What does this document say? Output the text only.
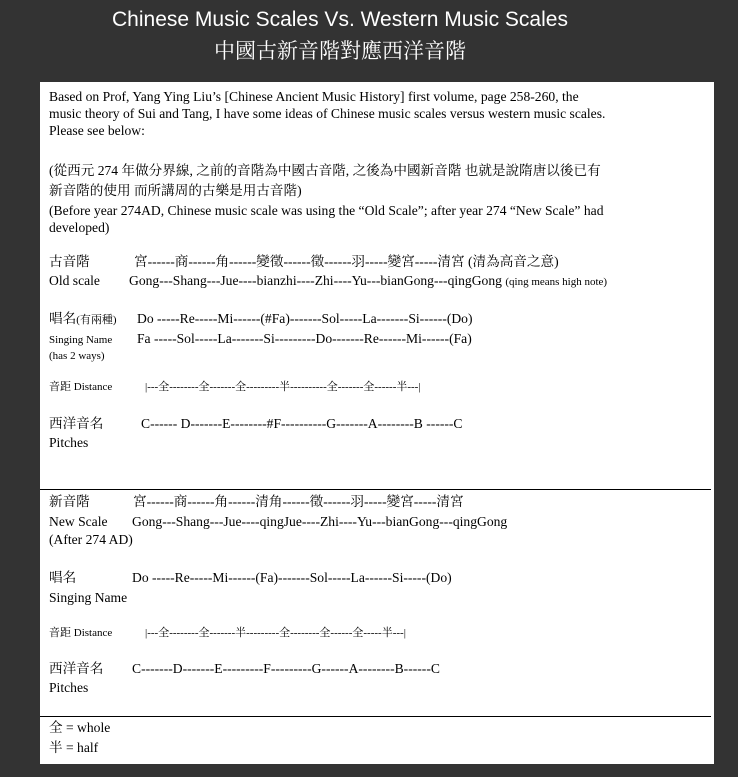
Chinese Music Scales Vs. Western Music Scales
中國古新音階對應西洋音階
Based on Prof, Yang Ying Liu’s [Chinese Ancient Music History] first volume, page 258-260, the
music theory of Sui and Tang, I have some ideas of Chinese music scales versus western music scales.
Please see below:
(從西元 274 年做分界線, 之前的音階為中國古音階, 之後為中國新音階 也就是說隋唐以後已有
新音階的使用 而所講周的古樂是用古音階)
(Before year 274AD, Chinese music scale was using the “Old Scale”; after year 274 “New Scale” had
developed)
古音階	宮------商------角------變徵------徵------羽-----變宮-----清宮 (清為高音之意)
Old scale Gong---Shang---Jue----bianzhi----Zhi----Yu---bianGong---qingGong (qing means high note)
唱名(有兩種) Do -----Re-----Mi------(#Fa)-------Sol-----La-------Si------(Do)
Singing Name Fa -----Sol-----La-------Si---------Do-------Re------Mi------(Fa)
(has 2 ways)
音距 Distance	|---全--------全-------全---------半----------全-------全------半---|
西洋音名	C------ D-------E--------#F----------G-------A--------B ------C
Pitches
新音階	宮------商------角------清角------徵------羽-----變宮-----清宮
New Scale Gong---Shang---Jue----qingJue----Zhi----Yu---bianGong---qingGong
(After 274 AD)
唱名	Do -----Re-----Mi------(Fa)-------Sol-----La------Si-----(Do)
Singing Name
音距 Distance	|---全--------全-------半---------全--------全------全-----半---|
西洋音名 C-------D-------E---------F---------G------A--------B------C
Pitches
全 = whole
半 = half
